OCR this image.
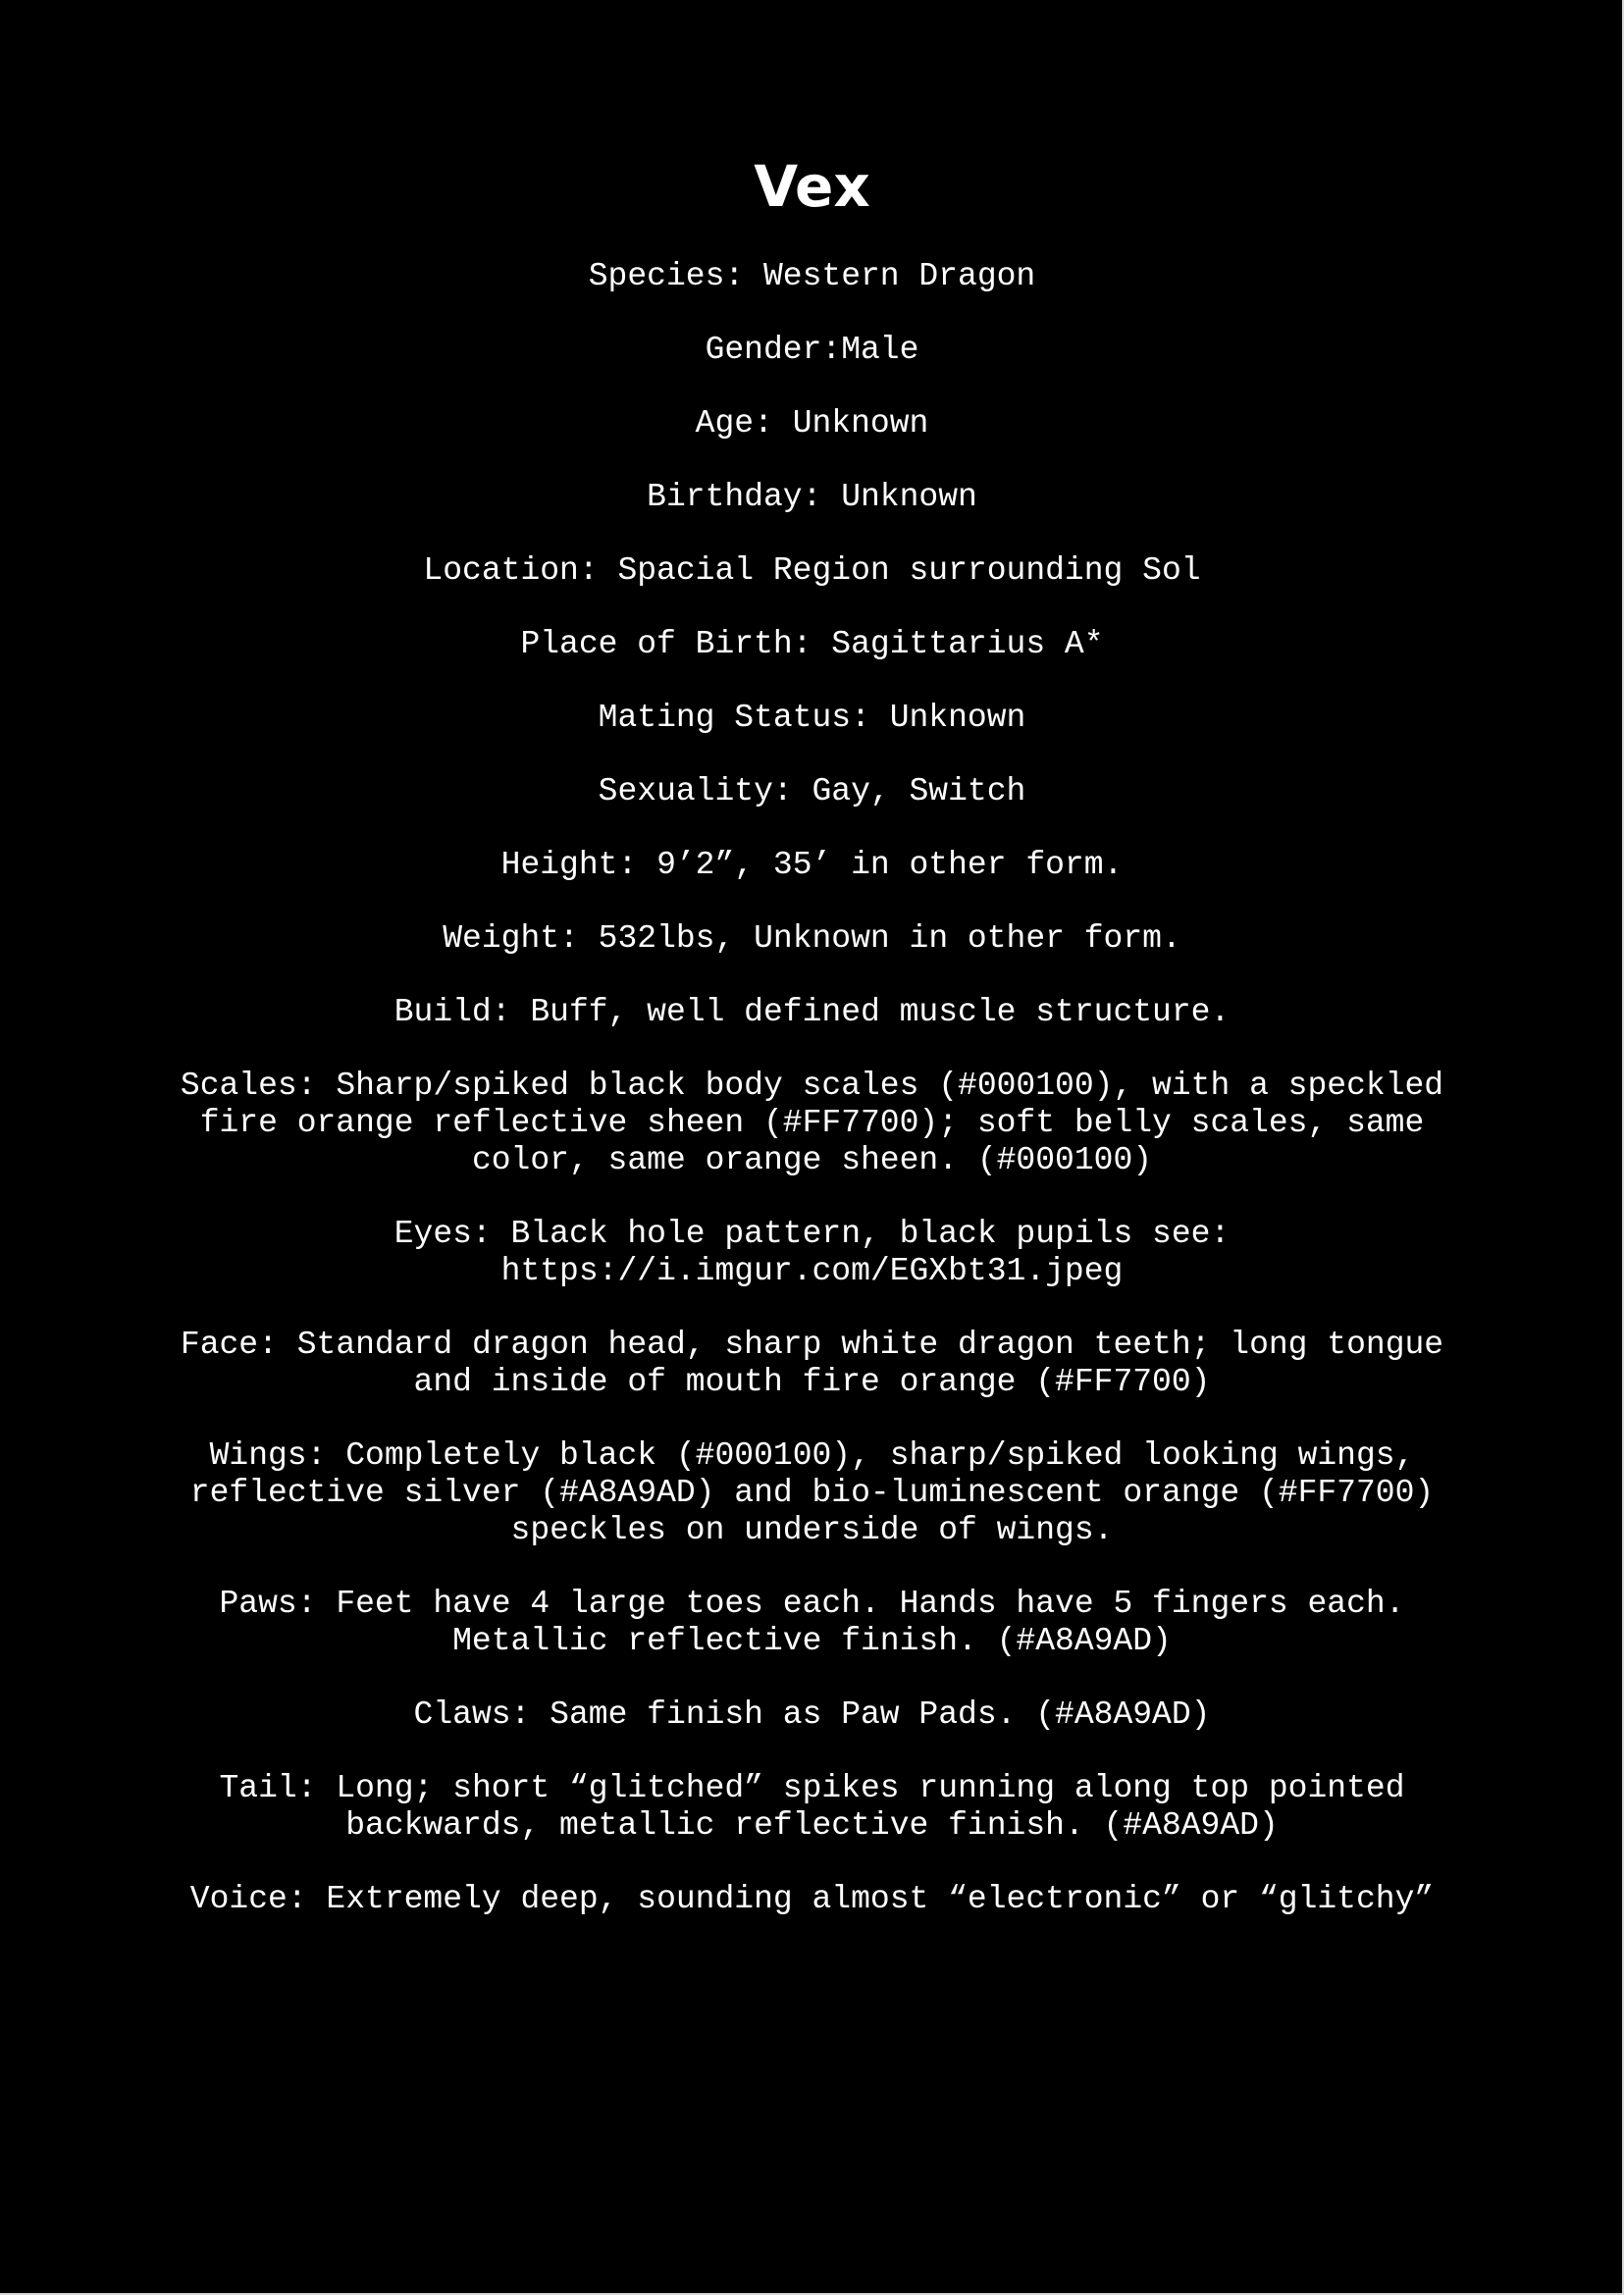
Vex

Species: Western Dragon

Gender:Male

Age: Unknown

Birthday: Unknown

Location: Spacial Region surrounding Sol

Place of Birth: Sagittarius A*

Mating Status: Unknown

Sexuality: Gay, Switch

Height: 9’2”, 35’ in other form.

Weight: 532lbs, Unknown in other form.

Build: Buff, well defined muscle structure.

Scales: Sharp/spiked black body scales (#000100), with a speckled
fire orange reflective sheen (#FF7700); soft belly scales, same
color, same orange sheen. (#000100)

Eyes: Black hole pattern, black pupils see:
https://i.imgur.com/EGXbt31.jpeg

Face: Standard dragon head, sharp white dragon teeth; long tongue
and inside of mouth fire orange (#FF7700)

Wings: Completely black (#000100), sharp/spiked looking wings,
reflective silver (#A8A9AD) and bio-luminescent orange (#FF7700)
speckles on underside of wings.

Paws: Feet have 4 large toes each. Hands have 5 fingers each.
Metallic reflective finish. (#A8A9AD)

Claws: Same finish as Paw Pads. (#A8A9AD)

Tail: Long; short “glitched” spikes running along top pointed
backwards, metallic reflective finish. (#A8A9AD)

Voice: Extremely deep, sounding almost “electronic” or “glitchy”
